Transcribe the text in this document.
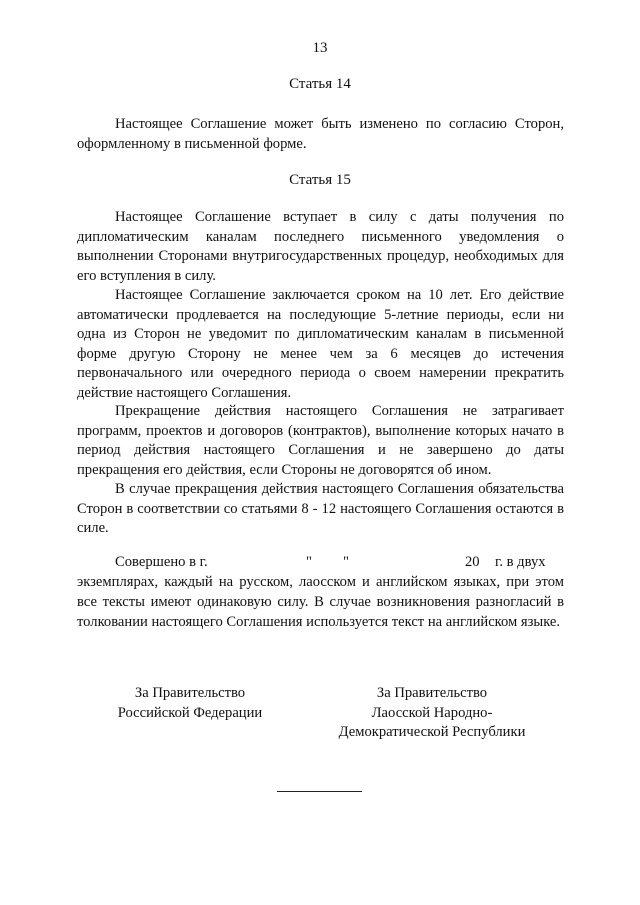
13
Статья 14

Настоящее Соглашение может быть изменено по согласию Сторон, оформленному в письменной форме.

Статья 15

Настоящее Соглашение вступает в силу с даты получения по дипломатическим каналам последнего письменного уведомления о выполнении Сторонами внутригосударственных процедур, необходимых для его вступления в силу.

Настоящее Соглашение заключается сроком на 10 лет. Его действие автоматически продлевается на последующие 5-летние периоды, если ни одна из Сторон не уведомит по дипломатическим каналам в письменной форме другую Сторону не менее чем за 6 месяцев до истечения первоначального или очередного периода о своем намерении прекратить действие настоящего Соглашения.

Прекращение действия настоящего Соглашения не затрагивает программ, проектов и договоров (контрактов), выполнение которых начато в период действия настоящего Соглашения и не завершено до даты прекращения его действия, если Стороны не договорятся об ином.

В случае прекращения действия настоящего Соглашения обязательства Сторон в соответствии со статьями 8 - 12 настоящего Соглашения остаются в силе.

Совершено в г.	" "	20 г. в двух
экземплярах, каждый на русском, лаосском и английском языках, при этом все тексты имеют одинаковую силу. В случае возникновения разногласий в толковании настоящего Соглашения используется текст на английском языке.
За Правительство
Российской Федерации
За Правительство
Лаосской Народно-
Демократической Республики
